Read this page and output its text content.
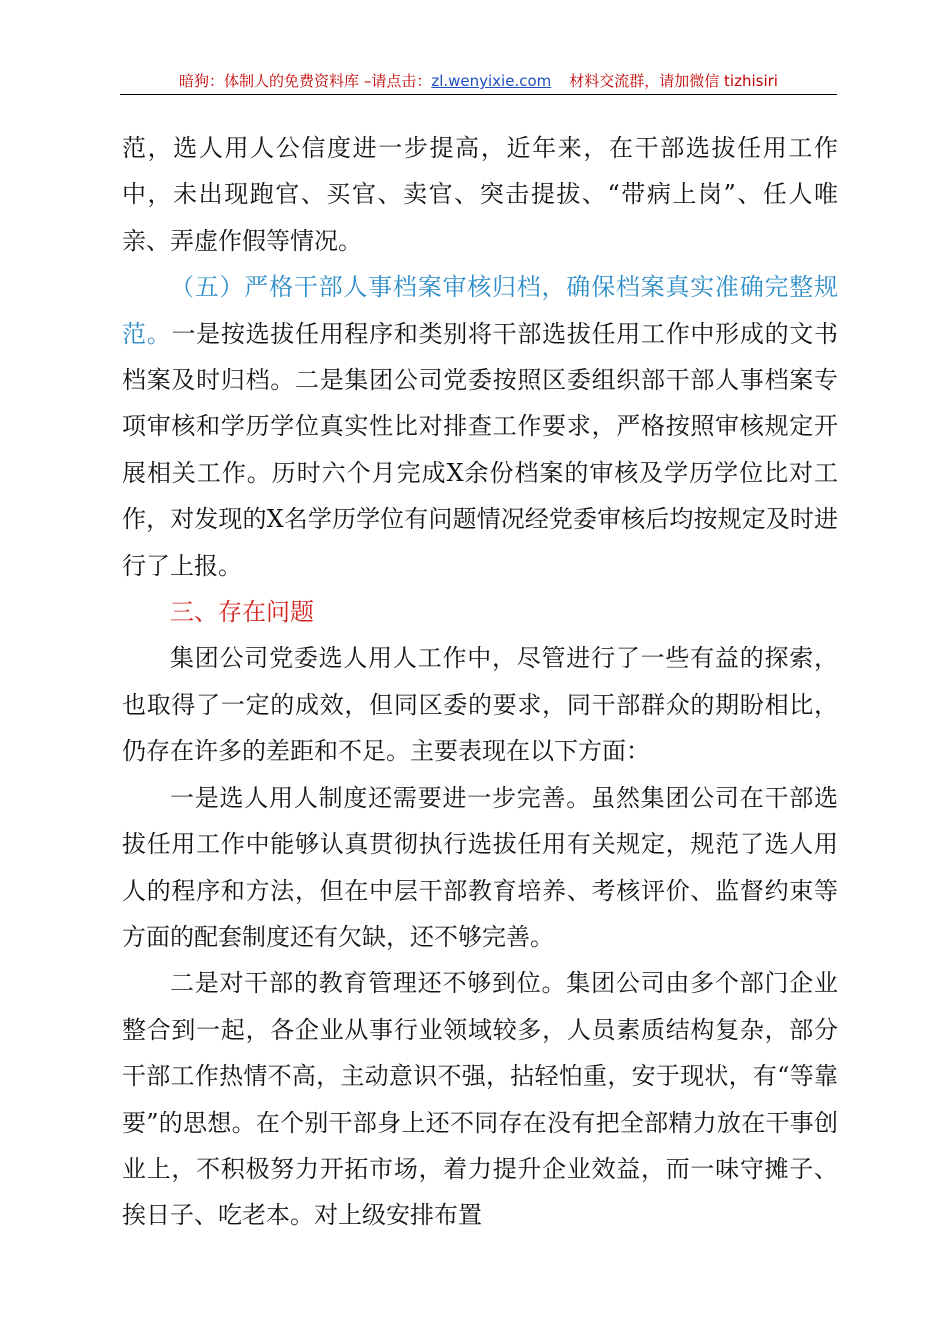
暗狗：体制人的免费资料库 –请点击：zl.wenyixie.com 材料交流群，请加微信 tizhisiri

范，选人用人公信度进一步提高，近年来，在干部选拔任用工作中，未出现跑官、买官、卖官、突击提拔、“带病上岗”、任人唯亲、弄虚作假等情况。

（五）严格干部人事档案审核归档，确保档案真实准确完整规范。一是按选拔任用程序和类别将干部选拔任用工作中形成的文书档案及时归档。二是集团公司党委按照区委组织部干部人事档案专项审核和学历学位真实性比对排查工作要求，严格按照审核规定开展相关工作。历时六个月完成X余份档案的审核及学历学位比对工作，对发现的X名学历学位有问题情况经党委审核后均按规定及时进行了上报。

三、存在问题

集团公司党委选人用人工作中，尽管进行了一些有益的探索，也取得了一定的成效，但同区委的要求，同干部群众的期盼相比，仍存在许多的差距和不足。主要表现在以下方面：

一是选人用人制度还需要进一步完善。虽然集团公司在干部选拔任用工作中能够认真贯彻执行选拔任用有关规定，规范了选人用人的程序和方法，但在中层干部教育培养、考核评价、监督约束等方面的配套制度还有欠缺，还不够完善。

二是对干部的教育管理还不够到位。集团公司由多个部门企业整合到一起，各企业从事行业领域较多，人员素质结构复杂，部分干部工作热情不高，主动意识不强，拈轻怕重，安于现状，有“等靠要”的思想。在个别干部身上还不同存在没有把全部精力放在干事创业上，不积极努力开拓市场，着力提升企业效益，而一味守摊子、挨日子、吃老本。对上级安排布置
